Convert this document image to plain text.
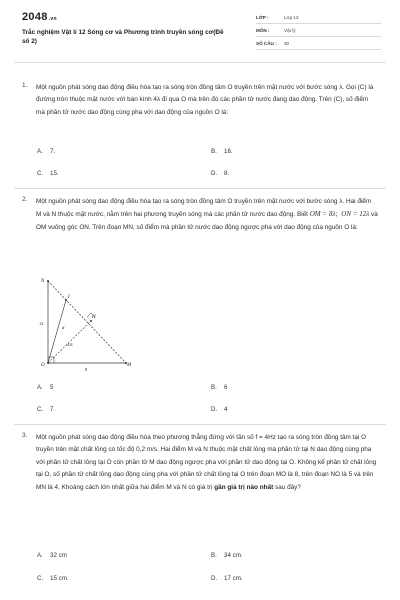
2048.vn
Trắc nghiệm Vật lí 12 Sóng cơ và Phương trình truyền sóng cơ(Đề số 2)
LỚP :	Lớp 12
MÔN :	Vật lý
SỐ CÂU :	30
1. Một nguồn phát sóng dao động điều hòa tạo ra sóng tròn đồng tâm O truyền trên mặt nước với bước sóng λ. Gọi (C) là đường tròn thuộc mặt nước với bán kính 4λ đi qua O mà trên đó các phần tử nước đang dao động. Trên (C), số điểm mà phần tử nước dao động cùng pha với dao động của nguồn O là:
A. 7.	B. 16.
C. 15.	D. 8.
2. Một nguồn phát sóng dao động điều hòa tạo ra sóng tròn đồng tâm O truyền trên mặt nước với bước sóng λ. Hai điểm M và N thuộc mặt nước, nằm trên hai phương truyền sóng mà các phần tử nước dao động. Biết OM = 8λ; ON = 12λ và OM vuông góc ON. Trên đoạn MN, số điểm mà phần tử nước dao động ngược pha với dao động của nguồn O là:
N
I
H
d
O	M
12
8
4,8
A. 5	B. 6
C. 7	D. 4
3. Một nguồn phát sóng dao động điều hòa theo phương thẳng đứng với tần số f = 4Hz tạo ra sóng tròn đồng tâm tại O truyền trên mặt chất lỏng có tốc độ 0,2 m/s. Hai điểm M và N thuộc mặt chất lỏng mà phần tử tại N dao động cùng pha với phần tử chất lỏng tại O còn phần tử M dao động ngược pha với phần tử dao động tại O. Không kể phần tử chất lỏng tại O, số phần tử chất lỏng dao động cùng pha với phần tử chất lỏng tại O trên đoạn MO là 8, trên đoạn NO là 5 và trên MN là 4. Khoảng cách lớn nhất giữa hai điểm M và N có giá trị gần giá trị nào nhất sau đây?
A. 32 cm	B. 34 cm.
C. 15 cm.	D. 17 cm.
